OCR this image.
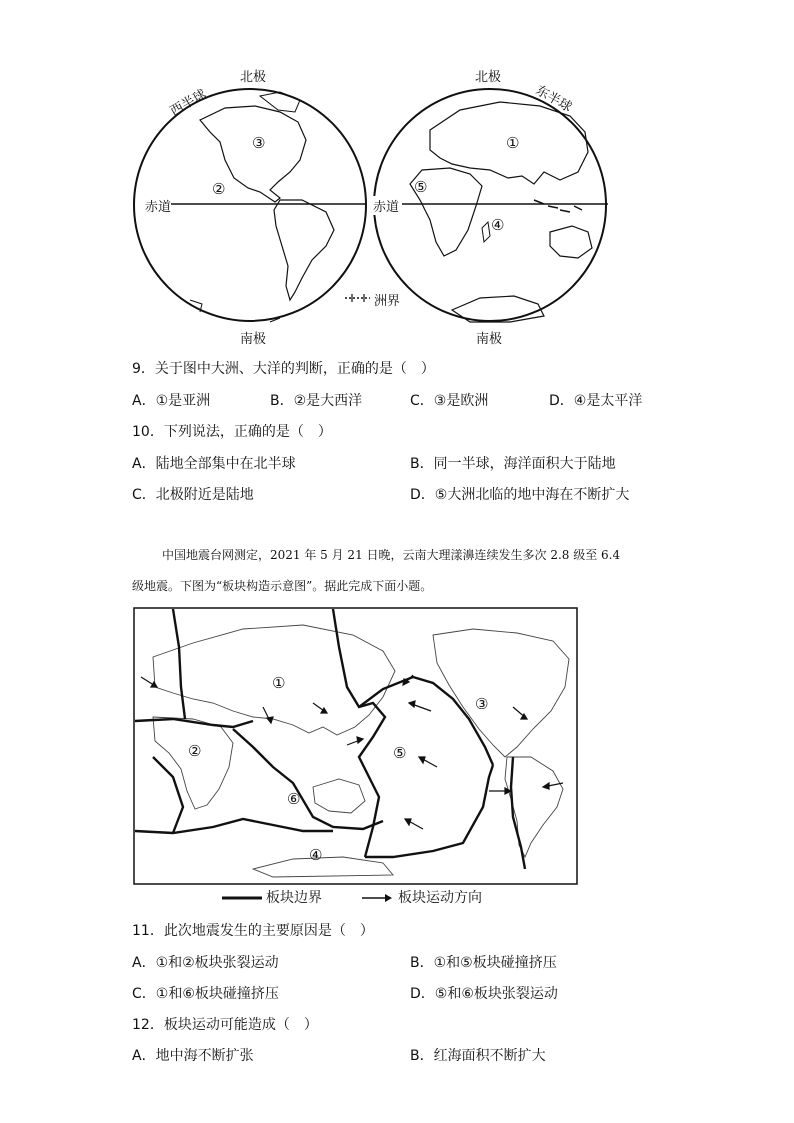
北极
西半球
赤道
南极
北极
东半球
赤道
南极
洲界
③
②
①
⑤
④
9．关于图中大洲、大洋的判断，正确的是（　）
A．①是亚洲	B．②是大西洋	C．③是欧洲	D．④是太平洋
10．下列说法，正确的是（　）
A．陆地全部集中在北半球	B．同一半球，海洋面积大于陆地
C．北极附近是陆地	D．⑤大洲北临的地中海在不断扩大
中国地震台网测定，2021 年 5 月 21 日晚，云南大理漾濞连续发生多次 2.8 级至 6.4
级地震。下图为“板块构造示意图”。据此完成下面小题。
①
②
③
④
⑤
⑥
板块边界	板块运动方向
11．此次地震发生的主要原因是（　）
A．①和②板块张裂运动	B．①和⑤板块碰撞挤压
C．①和⑥板块碰撞挤压	D．⑤和⑥板块张裂运动
12．板块运动可能造成（　）
A．地中海不断扩张	B．红海面积不断扩大
